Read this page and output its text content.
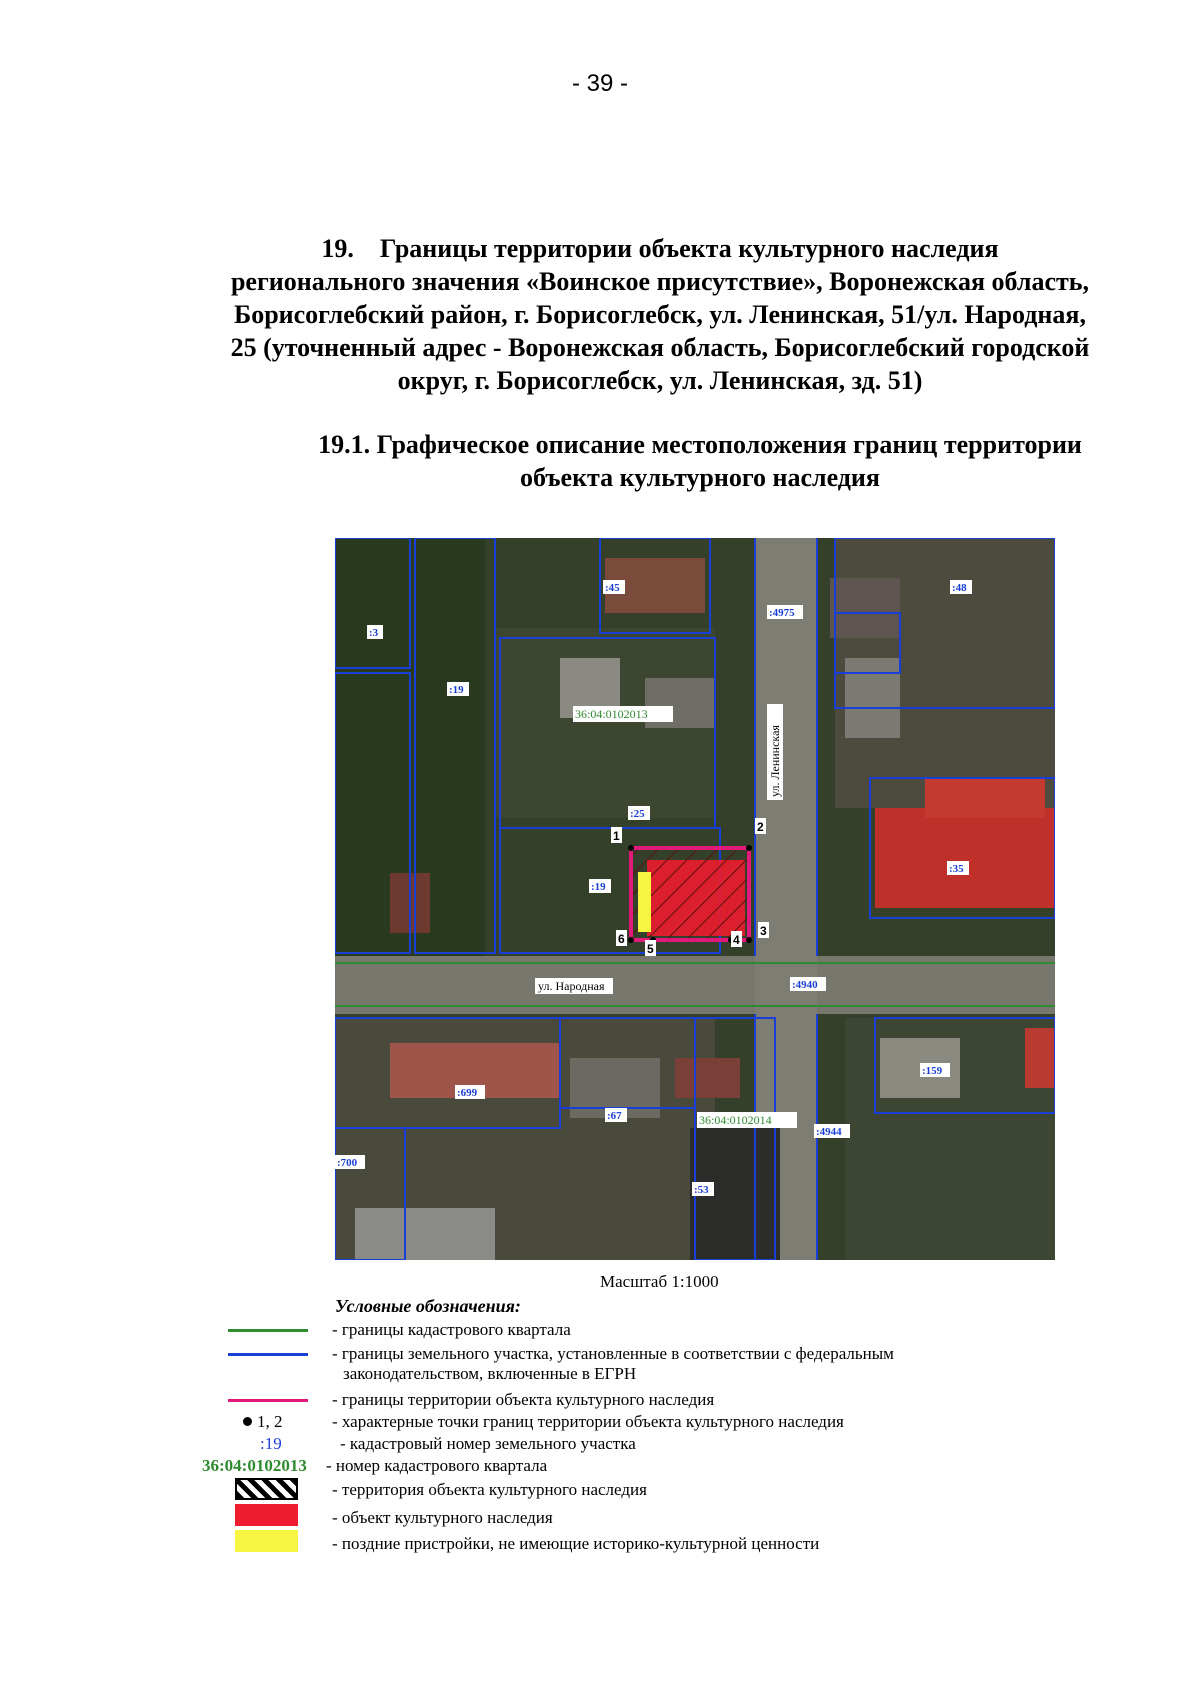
- 39 -
19. Границы территории объекта культурного наследия
регионального значения «Воинское присутствие», Воронежская область,
Борисоглебский район, г. Борисоглебск, ул. Ленинская, 51/ул. Народная,
25 (уточненный адрес - Воронежская область, Борисоглебский городской
округ, г. Борисоглебск, ул. Ленинская, зд. 51)
19.1. Графическое описание местоположения границ территории
объекта культурного наследия
1
2
3
4
5
6
:45	:48
:3
:4975
:19
:25
:35
:19
:4940
:699
:67
:159
:4944
:700
:53
36:04:0102013
36:04:0102014
ул. Народная
ул. Ленинская
Масштаб 1:1000
Условные обозначения:
- границы кадастрового квартала
- границы земельного участка, установленные в соответствии с федеральным
законодательством, включенные в ЕГРН
- границы территории объекта культурного наследия
1, 2	- характерные точки границ территории объекта культурного наследия
:19	- кадастровый номер земельного участка
36:04:0102013 - номер кадастрового квартала
- территория объекта культурного наследия
- объект культурного наследия
- поздние пристройки, не имеющие историко-культурной ценности
